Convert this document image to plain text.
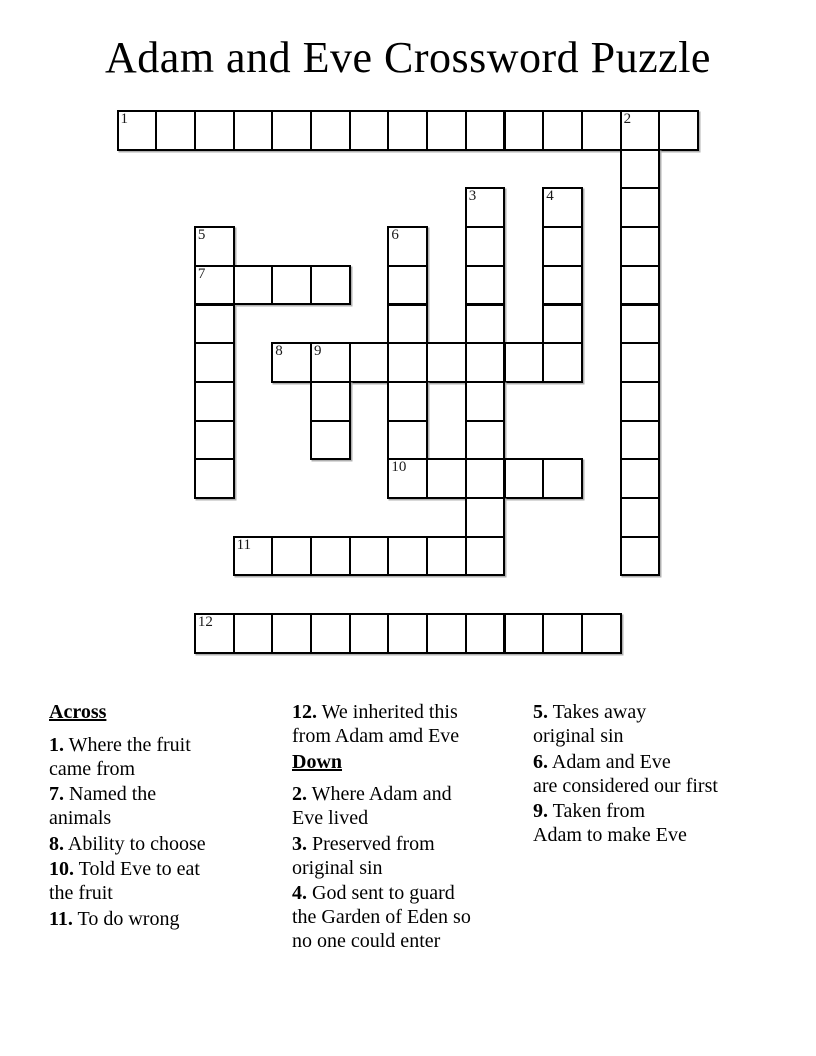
Adam and Eve Crossword Puzzle
1	2
3	4
5	6
7
8	9
10
11
12
Across
1. Where the fruit
came from
7. Named the
animals
8. Ability to choose
10. Told Eve to eat
the fruit
11. To do wrong
12. We inherited this
from Adam amd Eve
Down
2. Where Adam and
Eve lived
3. Preserved from
original sin
4. God sent to guard
the Garden of Eden so
no one could enter
5. Takes away
original sin
6. Adam and Eve
are considered our first
9. Taken from
Adam to make Eve
